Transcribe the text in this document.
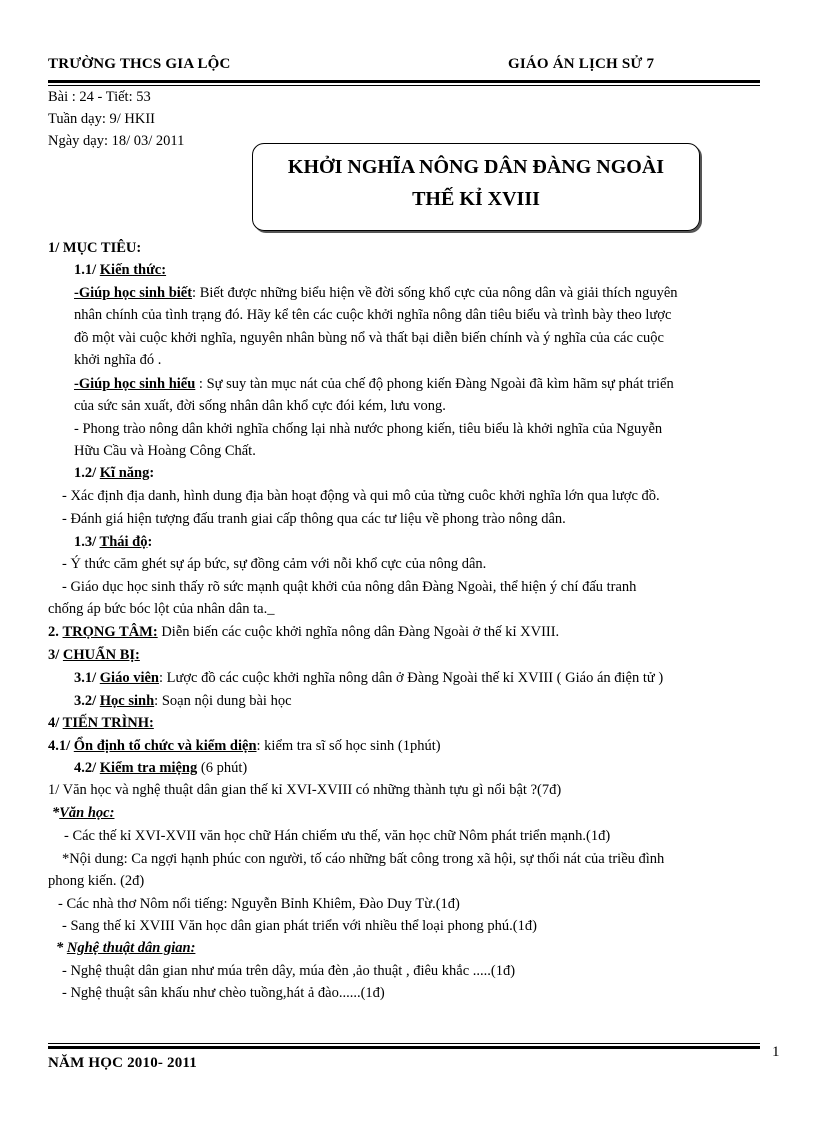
TRƯỜNG THCS GIA LỘC	GIÁO ÁN LỊCH SỬ 7
Bài : 24 - Tiết: 53
Tuần dạy: 9/ HKII
Ngày dạy: 18/ 03/ 2011
KHỞI NGHĨA NÔNG DÂN ĐÀNG NGOÀI
THẾ KỈ XVIII
1/ MỤC TIÊU:
1.1/ Kiến thức:
-Giúp học sinh biết: Biết được những biểu hiện về đời sống khổ cực của nông dân và giải thích nguyên
nhân chính của tình trạng đó. Hãy kể tên các cuộc khởi nghĩa nông dân tiêu biểu và trình bày theo lược
đồ một vài cuộc khởi nghĩa, nguyên nhân bùng nổ và thất bại diễn biến chính và ý nghĩa của các cuộc
khởi nghĩa đó .
-Giúp học sinh hiểu : Sự suy tàn mục nát của chế độ phong kiến Đàng Ngoài đã kìm hãm sự phát triển
của sức sản xuất, đời sống nhân dân khổ cực đói kém, lưu vong.
- Phong trào nông dân khởi nghĩa chống lại nhà nước phong kiến, tiêu biểu là khởi nghĩa của Nguyễn
Hữu Cầu và Hoàng Công Chất.
1.2/ Kĩ năng:
- Xác định địa danh, hình dung địa bàn hoạt động và qui mô của từng cuôc khởi nghĩa lớn qua lược đồ.
- Đánh giá hiện tượng đấu tranh giai cấp thông qua các tư liệu về phong trào nông dân.
1.3/ Thái độ:
- Ý thức căm ghét sự áp bức, sự đồng cảm với nỗi khổ cực của nông dân.
- Giáo dục học sinh thấy rõ sức mạnh quật khởi của nông dân Đàng Ngoài, thể hiện ý chí đấu tranh
chống áp bức bóc lột của nhân dân ta._
2. TRỌNG TÂM: Diễn biến các cuộc khởi nghĩa nông dân Đàng Ngoài ở thế kỉ XVIII.
3/ CHUẨN BỊ:
3.1/ Giáo viên: Lược đồ các cuộc khởi nghĩa nông dân ở Đàng Ngoài thế kỉ XVIII ( Giáo án điện tử )
3.2/ Học sinh: Soạn nội dung bài học
4/ TIẾN TRÌNH:
4.1/ Ổn định tổ chức và kiểm diện: kiểm tra sĩ số học sinh (1phút)
4.2/ Kiểm tra miệng (6 phút)
1/ Văn học và nghệ thuật dân gian thế kỉ XVI-XVIII có những thành tựu gì nổi bật ?(7đ)
*Văn học:
- Các thế kỉ XVI-XVII văn học chữ Hán chiếm ưu thế, văn học chữ Nôm phát triển mạnh.(1đ)
*Nội dung: Ca ngợi hạnh phúc con người, tố cáo những bất công trong xã hội, sự thối nát của triều đình
phong kiến. (2đ)
- Các nhà thơ Nôm nổi tiếng: Nguyễn Bỉnh Khiêm, Đào Duy Từ.(1đ)
- Sang thế kỉ XVIII Văn học dân gian phát triển với nhiều thể loại phong phú.(1đ)
* Nghệ thuật dân gian:
- Nghệ thuật dân gian như múa trên dây, múa đèn ,ảo thuật , điêu khắc .....(1đ)
- Nghệ thuật sân khấu như chèo tuồng,hát ả đào......(1đ)
NĂM HỌC 2010- 2011
1
